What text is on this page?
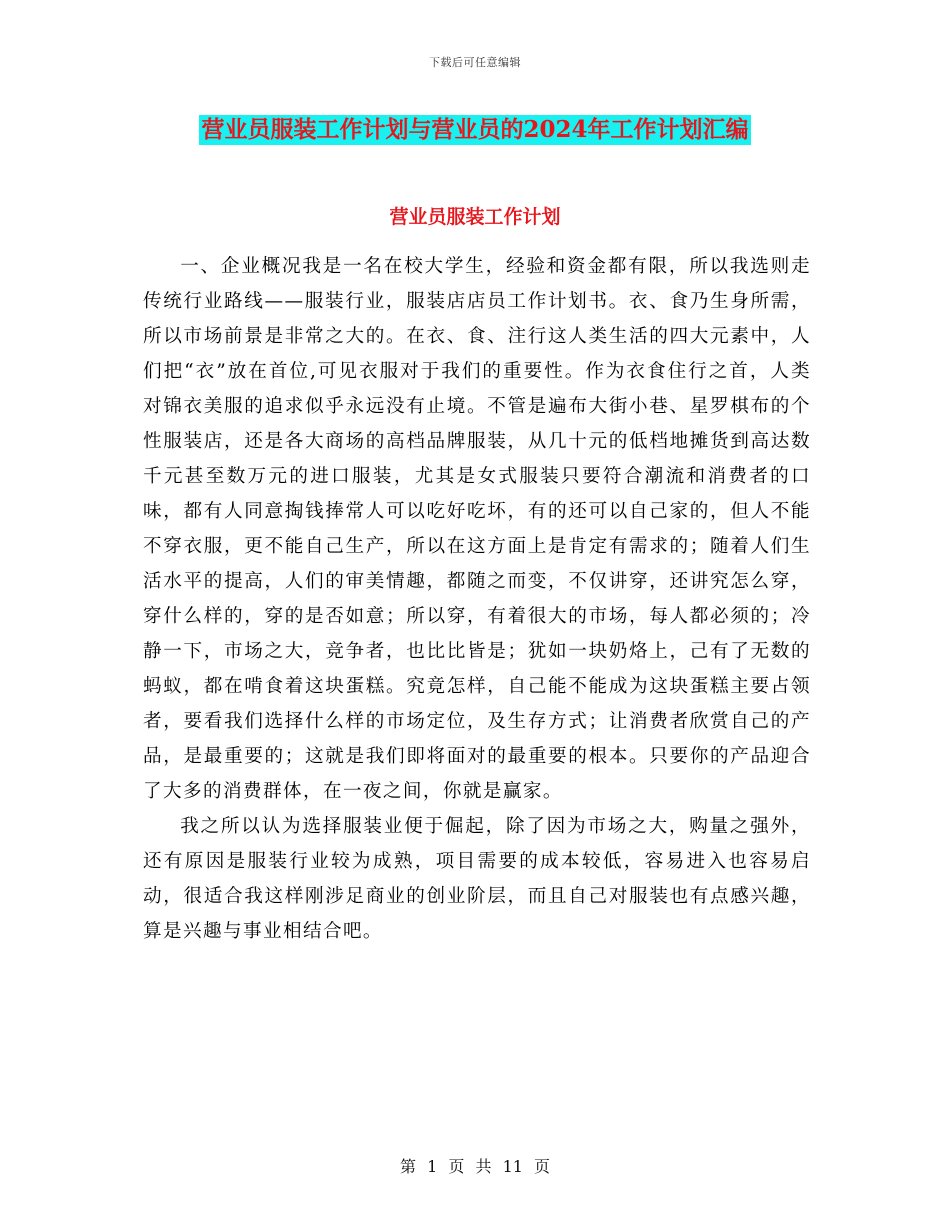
下载后可任意编辑
营业员服装工作计划与营业员的2024年工作计划汇编
营业员服装工作计划

一、企业概况我是一名在校大学生，经验和资金都有限，所以我选则走传统行业路线——服装行业，服装店店员工作计划书。衣、食乃生身所需，所以市场前景是非常之大的。在衣、食、注行这人类生活的四大元素中，人们把“衣”放在首位,可见衣服对于我们的重要性。作为衣食住行之首，人类对锦衣美服的追求似乎永远没有止境。不管是遍布大街小巷、星罗棋布的个性服装店，还是各大商场的高档品牌服装，从几十元的低档地摊货到高达数千元甚至数万元的进口服装，尤其是女式服装只要符合潮流和消费者的口味，都有人同意掏钱捧常人可以吃好吃坏，有的还可以自己家的，但人不能不穿衣服，更不能自己生产，所以在这方面上是肯定有需求的；随着人们生活水平的提高，人们的审美情趣，都随之而变，不仅讲穿，还讲究怎么穿，穿什么样的，穿的是否如意；所以穿，有着很大的市场，每人都必须的；冷静一下，市场之大，竞争者，也比比皆是；犹如一块奶烙上，己有了无数的蚂蚁，都在啃食着这块蛋糕。究竟怎样，自己能不能成为这块蛋糕主要占领者，要看我们选择什么样的市场定位，及生存方式；让消费者欣赏自己的产品，是最重要的；这就是我们即将面对的最重要的根本。只要你的产品迎合了大多的消费群体，在一夜之间，你就是赢家。

我之所以认为选择服装业便于倔起，除了因为市场之大，购量之强外，还有原因是服装行业较为成熟，项目需要的成本较低，容易进入也容易启动，很适合我这样刚涉足商业的创业阶层，而且自己对服装也有点感兴趣，算是兴趣与事业相结合吧。

第 1 页 共 11 页
